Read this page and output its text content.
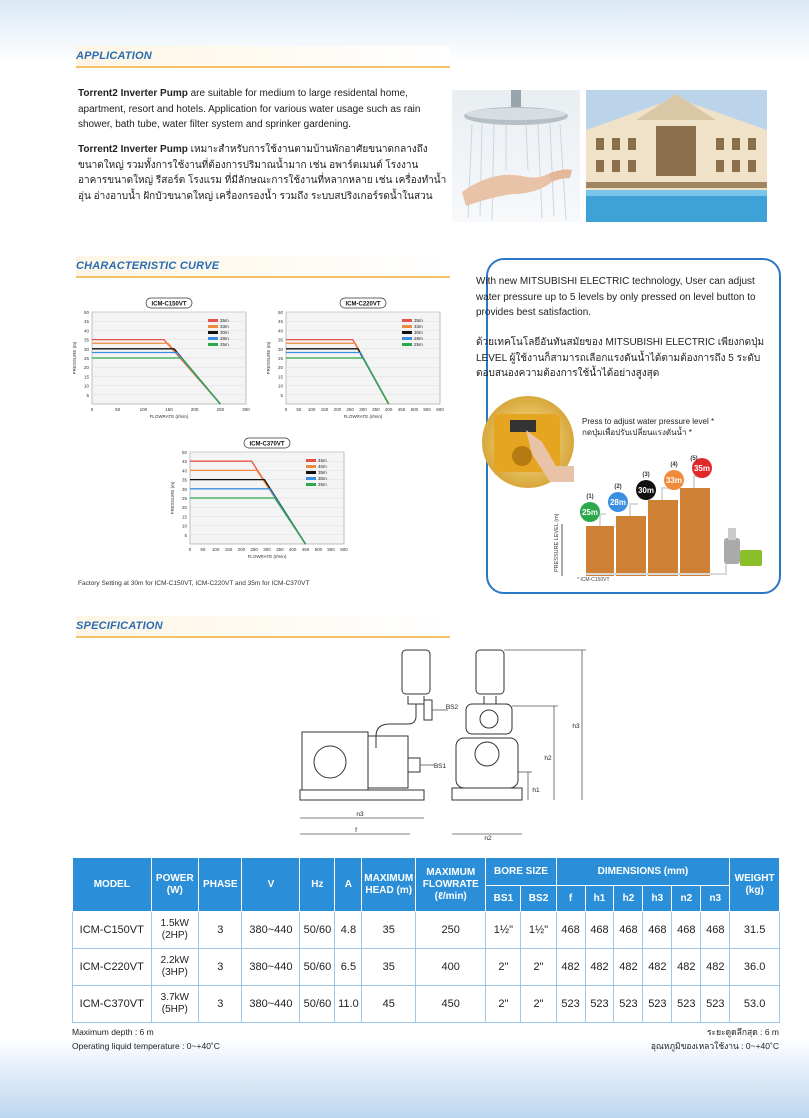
APPLICATION
Torrent2 Inverter Pump are suitable for medium to large residental home, apartment, resort and hotels. Application for various water usage such as rain shower, bath tube, water filter system and sprinker gardening.
Torrent2 Inverter Pump เหมาะสำหรับการใช้งานตามบ้านพักอาศัยขนาดกลางถึงขนาดใหญ่ รวมทั้งการใช้งานที่ต้องการปริมาณน้ำมาก เช่น อพาร์ตเมนต์ โรงงาน อาคารขนาดใหญ่ รีสอร์ต โรงแรม ที่มีลักษณะการใช้งานที่หลากหลาย เช่น เครื่องทำน้ำอุ่น อ่างอาบน้ำ ฝักบัวขนาดใหญ่ เครื่องกรองน้ำ รวมถึง ระบบสปริงเกอร์รดน้ำในสวน
CHARACTERISTIC CURVE
ICM-C150VT
5
10
15
20
25
30
35
40
45
50
0	50	100	150	200	250	300
FLOWRATE (ℓ/min)
PRESSURE (m)
35m
33m
30m
28m
25m
ICM-C220VT
5
10
15
20
25
30
35
40
45
50
0 50 100 150 200 250 300 350 400 450 500 550 600
FLOWRATE (ℓ/min)
PRESSURE (m)
35m
33m
30m
28m
25m
ICM-C370VT
5
10
15
20
25
30
35
40
45
50
0 50 100 150 200 250 300 350 400 450 500 550 600
FLOWRATE (ℓ/min)
PRESSURE (m)
45m
40m
35m
30m
25m
Factory Setting at 30m for ICM-C150VT, ICM-C220VT and 35m for ICM-C370VT
With new MITSUBISHI ELECTRIC technology, User can adjust water pressure up to 5 levels by only pressed on level button to provides best satisfaction.
ด้วยเทคโนโลยีอันทันสมัยของ MITSUBISHI ELECTRIC เพียงกดปุ่ม LEVEL ผู้ใช้งานก็สามารถเลือกแรงดันน้ำได้ตามต้องการถึง 5 ระดับ ตอบสนองความต้องการใช้น้ำได้อย่างสูงสุด
Press to adjust water pressure level *
กดปุ่มเพื่อปรับเปลี่ยนแรงดันน้ำ *
PRESSURE LEVEL (m)
25m
(1)
28m
(2) 30m
(3)
33m
(4) 35m
(5)
* ICM-C150VT
SPECIFICATION
BS2
BS1
n3
f
n2
h3
h2
h1
MODEL	POWER (W)	PHASE	V	Hz	A	MAXIMUM HEAD (m)	MAXIMUM FLOWRATE (ℓ/min)	BORE SIZE		DIMENSIONS (mm)						WEIGHT (kg)
								BS1	BS2	f	h1	h2	h3	n2	n3	
ICM-C150VT	1.5kW
(2HP)	3	380~440	50/60	4.8	35	250	1½"	1½"	468	468	468	468	468	468	31.5
ICM-C220VT	2.2kW
(3HP)	3	380~440	50/60	6.5	35	400	2"	2"	482	482	482	482	482	482	36.0
ICM-C370VT	3.7kW
(5HP)	3	380~440	50/60	11.0	45	450	2"	2"	523	523	523	523	523	523	53.0
Maximum depth : 6 m
Operating liquid temperature : 0~+40˚C
ระยะดูดลึกสุด : 6 m
อุณหภูมิของเหลวใช้งาน : 0~+40˚C
